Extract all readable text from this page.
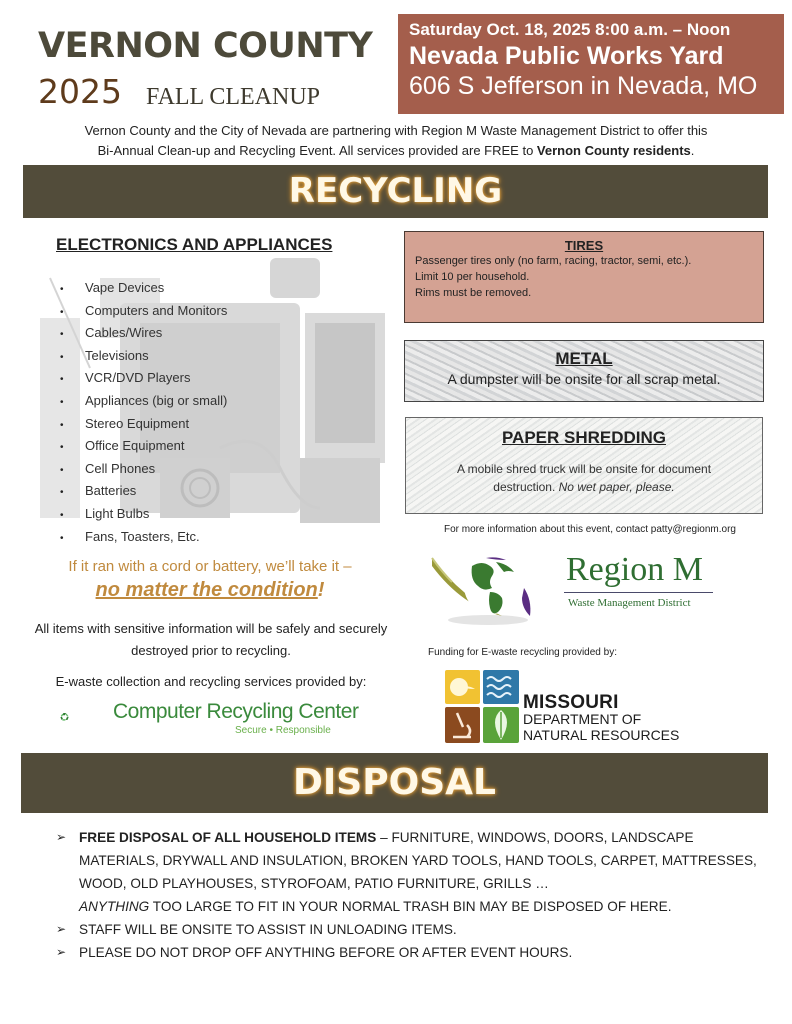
VERNON COUNTY
2025 FALL CLEANUP
Saturday Oct. 18, 2025 8:00 a.m. – Noon
Nevada Public Works Yard
606 S Jefferson in Nevada, MO
Vernon County and the City of Nevada are partnering with Region M Waste Management District to offer this
Bi-Annual Clean-up and Recycling Event. All services provided are FREE to Vernon County residents.
RECYCLING
ELECTRONICS AND APPLIANCES
• Vape Devices
• Computers and Monitors
• Cables/Wires
• Televisions
• VCR/DVD Players
• Appliances (big or small)
• Stereo Equipment
• Office Equipment
• Cell Phones
• Batteries
• Light Bulbs
• Fans, Toasters, Etc.
If it ran with a cord or battery, we’ll take it –
no matter the condition!
All items with sensitive information will be safely and securely destroyed prior to recycling.
E-waste collection and recycling services provided by:
Computer Recycling Center
Secure • Responsible
TIRES
Passenger tires only (no farm, racing, tractor, semi, etc.).
Limit 10 per household.
Rims must be removed.
METAL
A dumpster will be onsite for all scrap metal.
PAPER SHREDDING
A mobile shred truck will be onsite for document destruction. No wet paper, please.
For more information about this event, contact patty@regionm.org
Region M
Waste Management District
Funding for E-waste recycling provided by:
MISSOURI
DEPARTMENT OF
NATURAL RESOURCES
DISPOSAL
➢ FREE DISPOSAL OF ALL HOUSEHOLD ITEMS – FURNITURE, WINDOWS, DOORS, LANDSCAPE MATERIALS, DRYWALL AND INSULATION, BROKEN YARD TOOLS, HAND TOOLS, CARPET, MATTRESSES, WOOD, OLD PLAYHOUSES, STYROFOAM, PATIO FURNITURE, GRILLS …
ANYTHING TOO LARGE TO FIT IN YOUR NORMAL TRASH BIN MAY BE DISPOSED OF HERE.
➢ STAFF WILL BE ONSITE TO ASSIST IN UNLOADING ITEMS.
➢ PLEASE DO NOT DROP OFF ANYTHING BEFORE OR AFTER EVENT HOURS.
